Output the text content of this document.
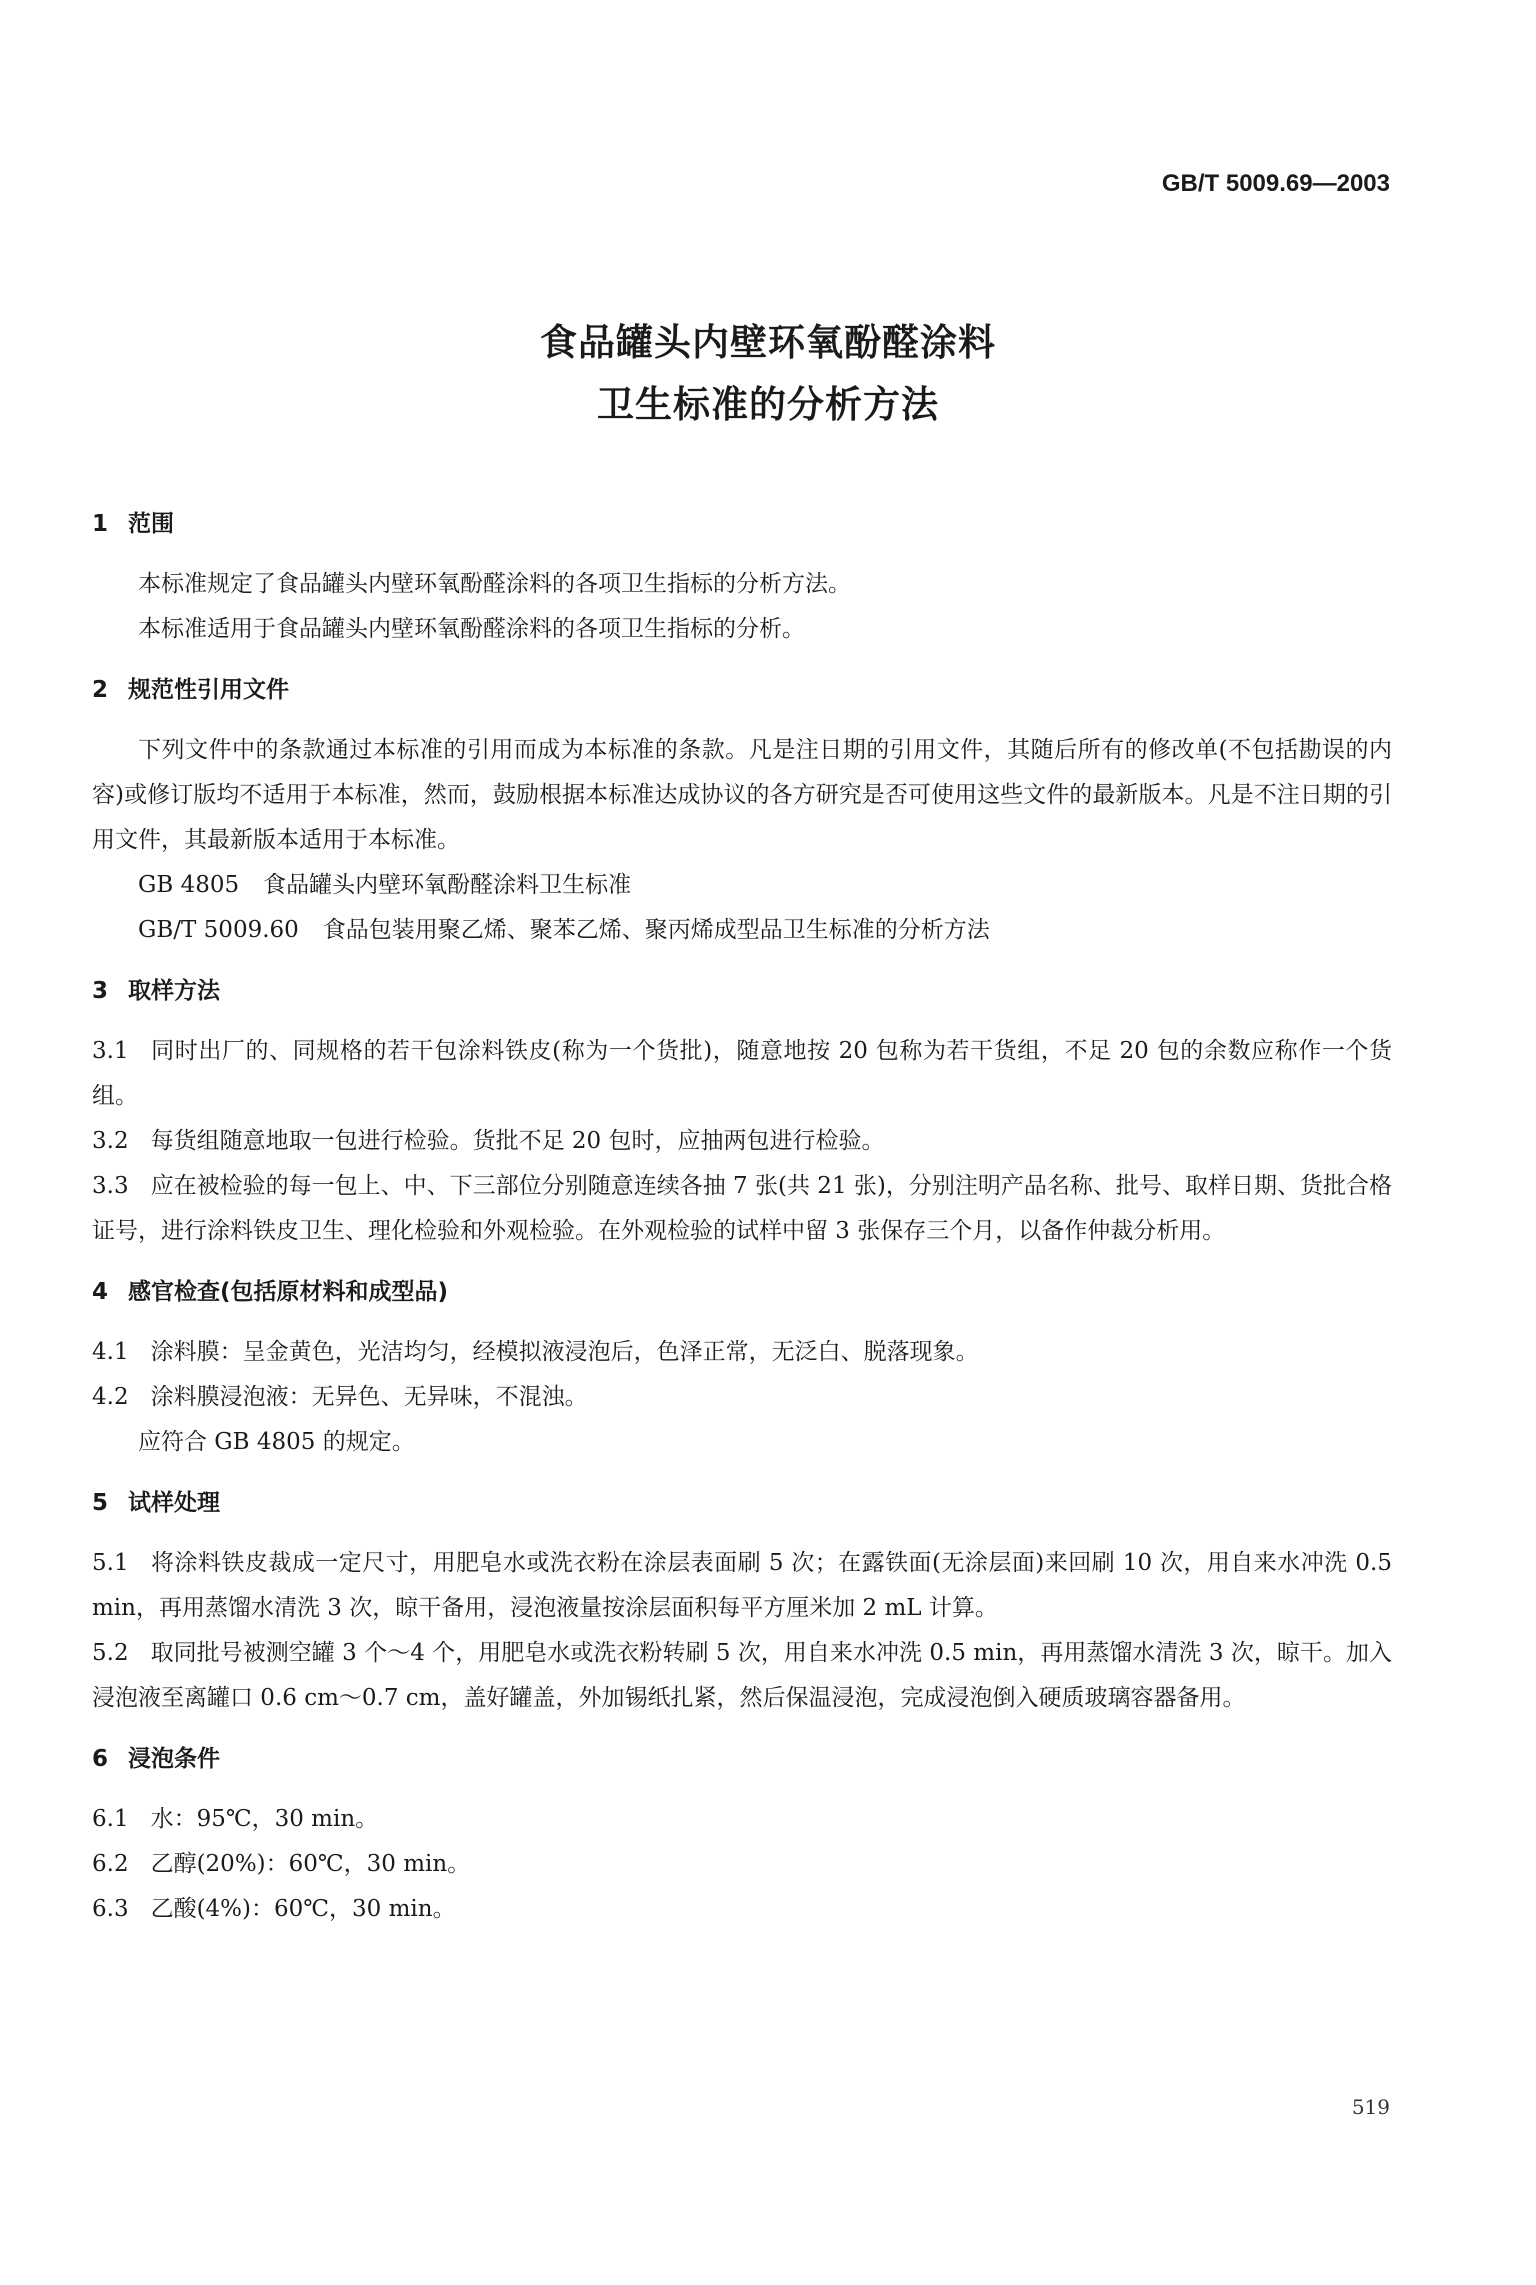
GB/T 5009.69—2003
食品罐头内壁环氧酚醛涂料
卫生标准的分析方法
1 范围

本标准规定了食品罐头内壁环氧酚醛涂料的各项卫生指标的分析方法。

本标准适用于食品罐头内壁环氧酚醛涂料的各项卫生指标的分析。

2 规范性引用文件

下列文件中的条款通过本标准的引用而成为本标准的条款。凡是注日期的引用文件，其随后所有的修改单(不包括勘误的内容)或修订版均不适用于本标准，然而，鼓励根据本标准达成协议的各方研究是否可使用这些文件的最新版本。凡是不注日期的引用文件，其最新版本适用于本标准。

GB 4805 食品罐头内壁环氧酚醛涂料卫生标准

GB/T 5009.60 食品包装用聚乙烯、聚苯乙烯、聚丙烯成型品卫生标准的分析方法

3 取样方法

3.1 同时出厂的、同规格的若干包涂料铁皮(称为一个货批)，随意地按 20 包称为若干货组，不足 20 包的余数应称作一个货组。

3.2 每货组随意地取一包进行检验。货批不足 20 包时，应抽两包进行检验。

3.3 应在被检验的每一包上、中、下三部位分别随意连续各抽 7 张(共 21 张)，分别注明产品名称、批号、取样日期、货批合格证号，进行涂料铁皮卫生、理化检验和外观检验。在外观检验的试样中留 3 张保存三个月，以备作仲裁分析用。

4 感官检查(包括原材料和成型品)

4.1 涂料膜：呈金黄色，光洁均匀，经模拟液浸泡后，色泽正常，无泛白、脱落现象。

4.2 涂料膜浸泡液：无异色、无异味，不混浊。

应符合 GB 4805 的规定。

5 试样处理

5.1 将涂料铁皮裁成一定尺寸，用肥皂水或洗衣粉在涂层表面刷 5 次；在露铁面(无涂层面)来回刷 10 次，用自来水冲洗 0.5 min，再用蒸馏水清洗 3 次，晾干备用，浸泡液量按涂层面积每平方厘米加 2 mL 计算。

5.2 取同批号被测空罐 3 个～4 个，用肥皂水或洗衣粉转刷 5 次，用自来水冲洗 0.5 min，再用蒸馏水清洗 3 次，晾干。加入浸泡液至离罐口 0.6 cm～0.7 cm，盖好罐盖，外加锡纸扎紧，然后保温浸泡，完成浸泡倒入硬质玻璃容器备用。

6 浸泡条件

6.1 水：95℃，30 min。

6.2 乙醇(20%)：60℃，30 min。

6.3 乙酸(4%)：60℃，30 min。

519
